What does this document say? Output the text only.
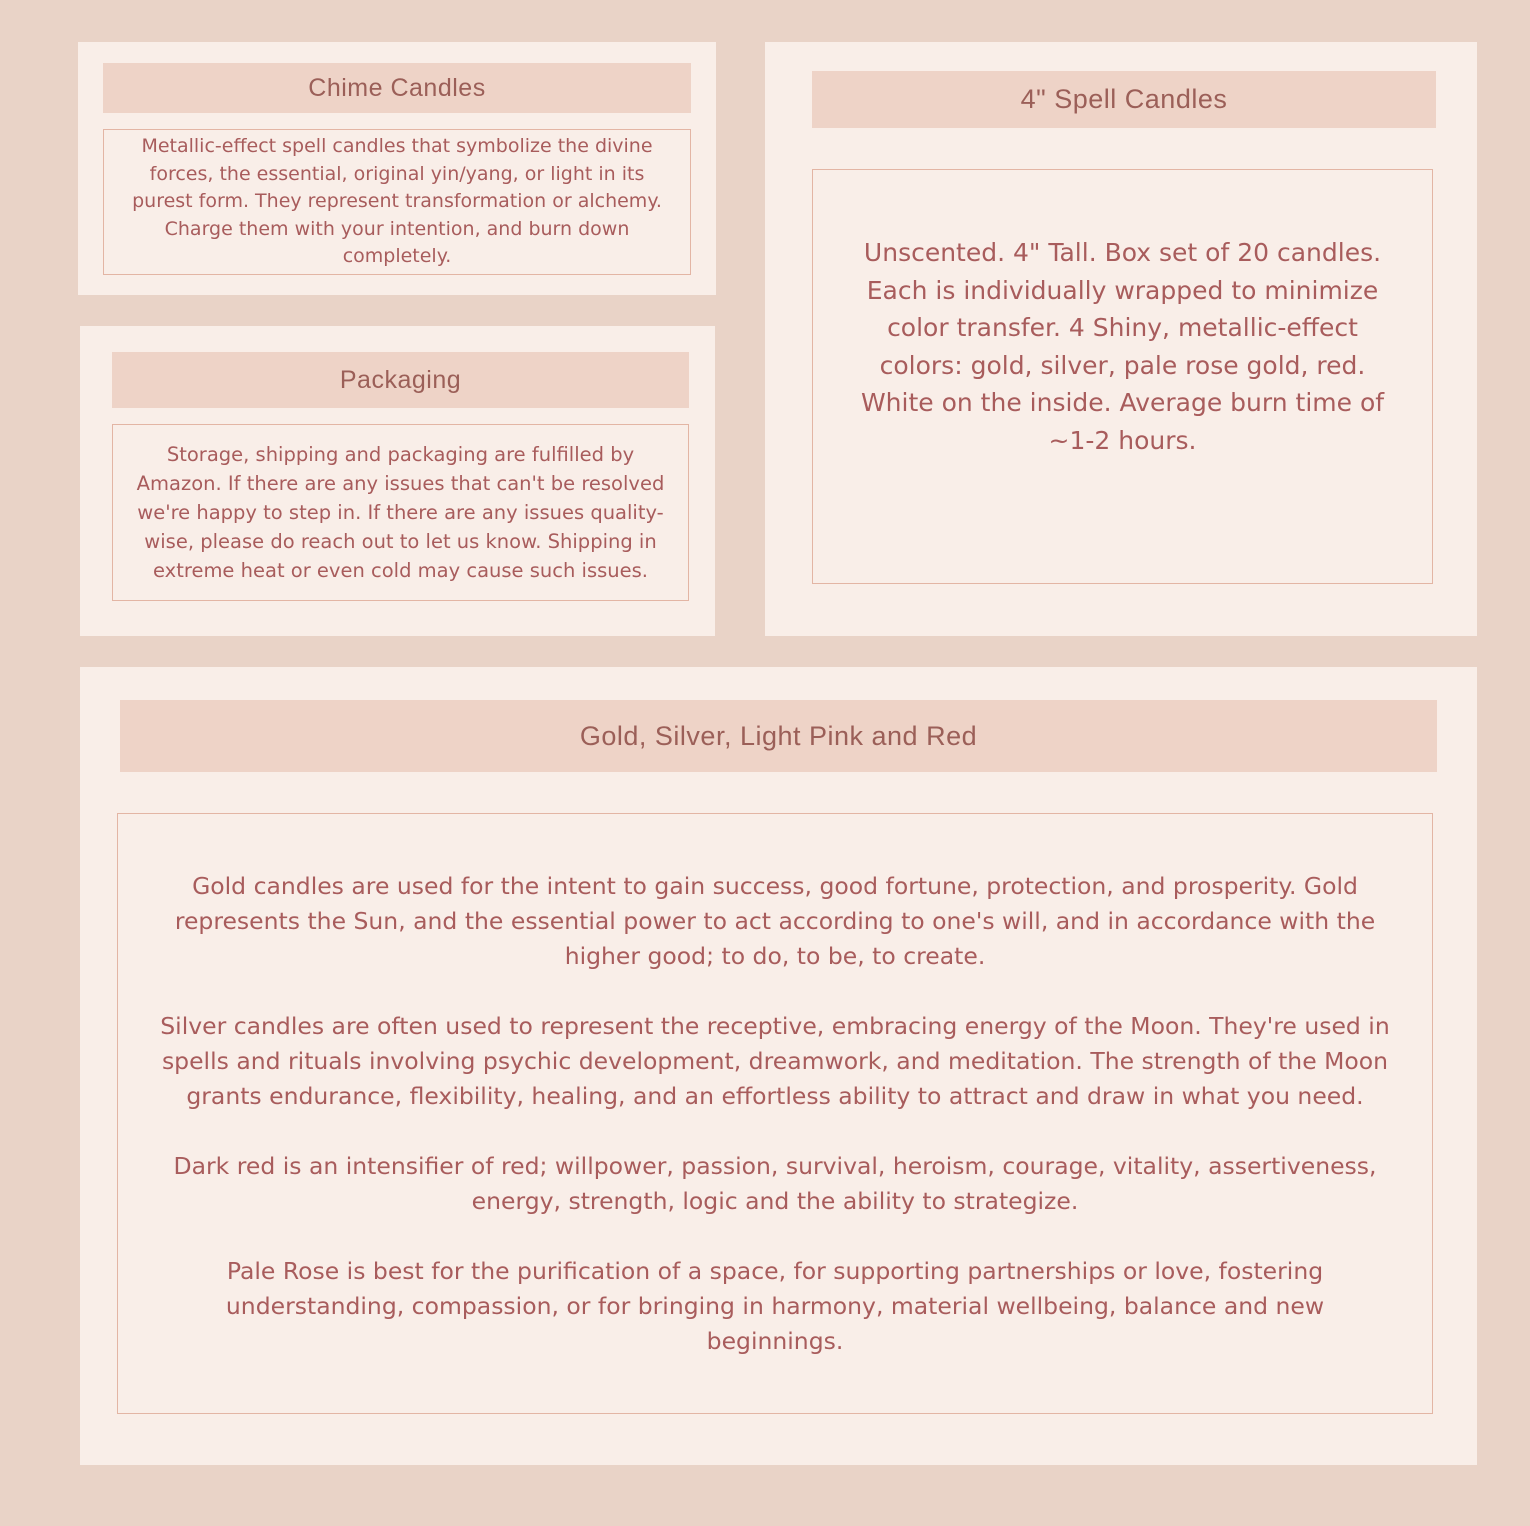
Chime Candles

Metallic-effect spell candles that symbolize the divine forces, the essential, original yin/yang, or light in its purest form. They represent transformation or alchemy. Charge them with your intention, and burn down completely.

Packaging

Storage, shipping and packaging are fulfilled by Amazon. If there are any issues that can't be resolved we're happy to step in. If there are any issues quality-wise, please do reach out to let us know. Shipping in extreme heat or even cold may cause such issues.

4" Spell Candles

Unscented. 4" Tall. Box set of 20 candles. Each is individually wrapped to minimize color transfer. 4 Shiny, metallic-effect colors: gold, silver, pale rose gold, red. White on the inside. Average burn time of ~1-2 hours.

Gold, Silver, Light Pink and Red

Gold candles are used for the intent to gain success, good fortune, protection, and prosperity. Gold represents the Sun, and the essential power to act according to one's will, and in accordance with the higher good; to do, to be, to create.

Silver candles are often used to represent the receptive, embracing energy of the Moon. They're used in spells and rituals involving psychic development, dreamwork, and meditation. The strength of the Moon grants endurance, flexibility, healing, and an effortless ability to attract and draw in what you need.

Dark red is an intensifier of red; willpower, passion, survival, heroism, courage, vitality, assertiveness, energy, strength, logic and the ability to strategize.

Pale Rose is best for the purification of a space, for supporting partnerships or love, fostering understanding, compassion, or for bringing in harmony, material wellbeing, balance and new beginnings.
